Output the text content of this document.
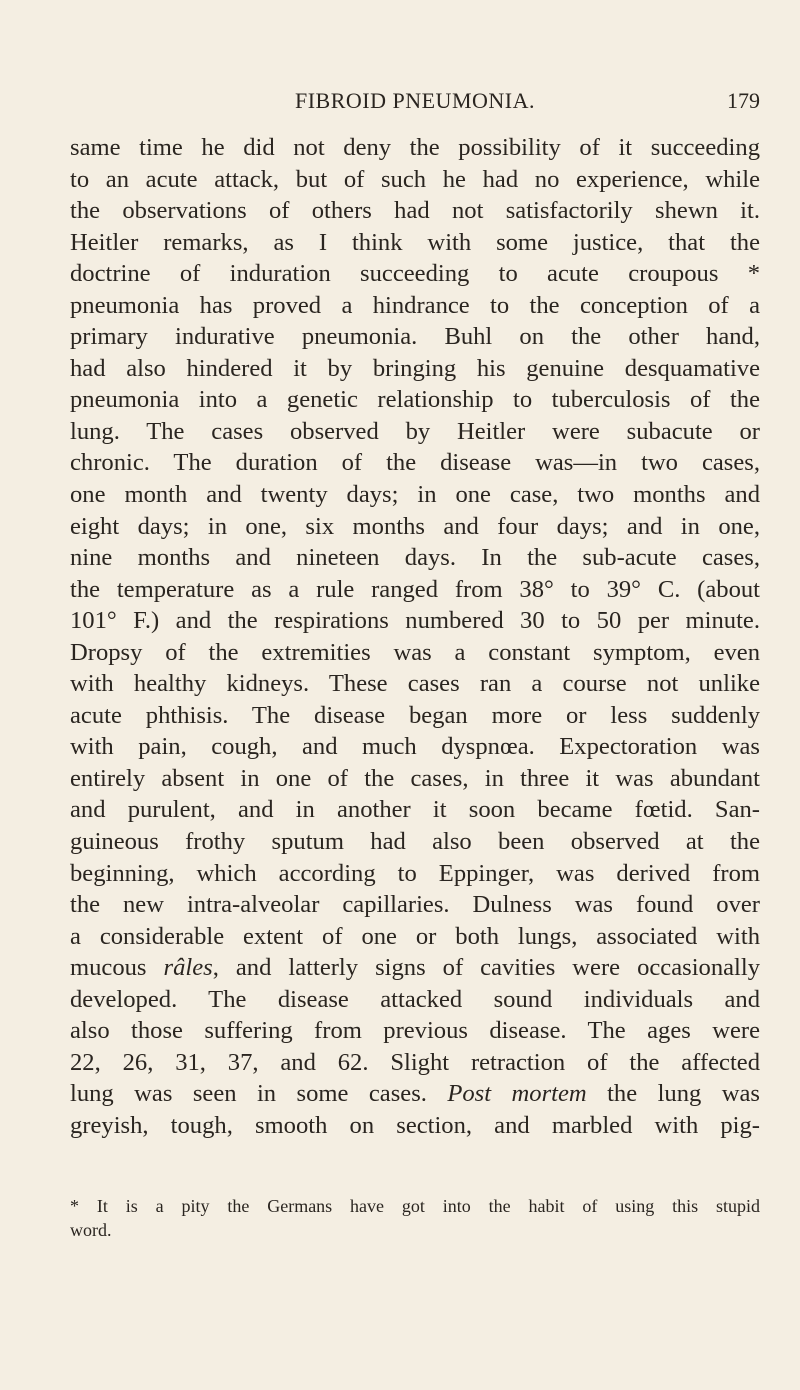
FIBROID PNEUMONIA.	179
same time he did not deny the possibility of it succeeding
to an acute attack, but of such he had no experience, while
the observations of others had not satisfactorily shewn it.
Heitler remarks, as I think with some justice, that the
doctrine of induration succeeding to acute croupous *
pneumonia has proved a hindrance to the conception of a
primary indurative pneumonia. Buhl on the other hand,
had also hindered it by bringing his genuine desquamative
pneumonia into a genetic relationship to tuberculosis of the
lung. The cases observed by Heitler were subacute or
chronic. The duration of the disease was—in two cases,
one month and twenty days; in one case, two months and
eight days; in one, six months and four days; and in one,
nine months and nineteen days. In the sub-acute cases,
the temperature as a rule ranged from 38° to 39° C. (about
101° F.) and the respirations numbered 30 to 50 per minute.
Dropsy of the extremities was a constant symptom, even
with healthy kidneys. These cases ran a course not unlike
acute phthisis. The disease began more or less suddenly
with pain, cough, and much dyspnœa. Expectoration was
entirely absent in one of the cases, in three it was abundant
and purulent, and in another it soon became fœtid. San-
guineous frothy sputum had also been observed at the
beginning, which according to Eppinger, was derived from
the new intra-alveolar capillaries. Dulness was found over
a considerable extent of one or both lungs, associated with
mucous râles, and latterly signs of cavities were occasionally
developed. The disease attacked sound individuals and
also those suffering from previous disease. The ages were
22, 26, 31, 37, and 62. Slight retraction of the affected
lung was seen in some cases. Post mortem the lung was
greyish, tough, smooth on section, and marbled with pig-
* It is a pity the Germans have got into the habit of using this stupid
word.
